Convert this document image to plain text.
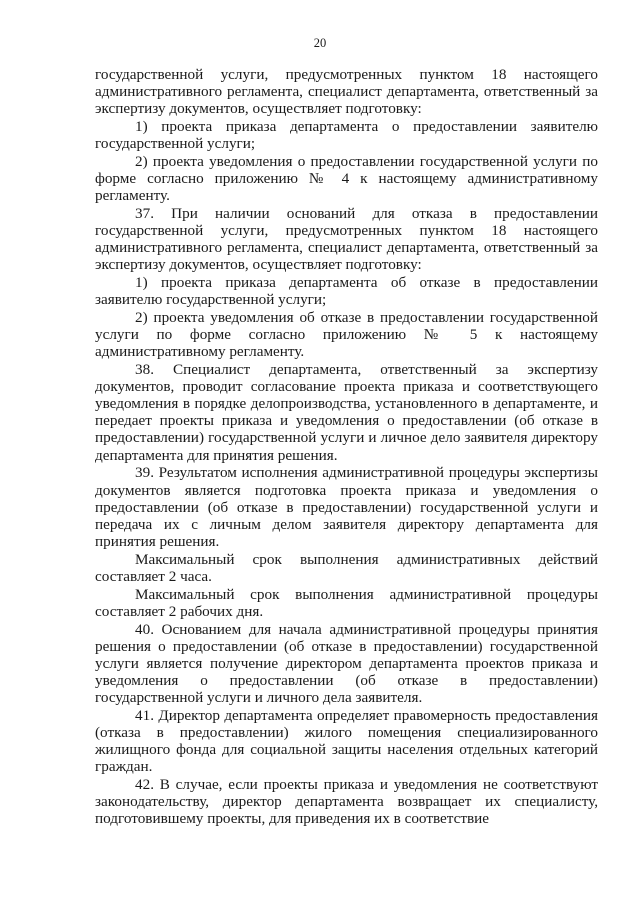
20

государственной услуги, предусмотренных пунктом 18 настоящего административного регламента, специалист департамента, ответственный за экспертизу документов, осуществляет подготовку:

1) проекта приказа департамента о предоставлении заявителю государственной услуги;

2) проекта уведомления о предоставлении государственной услуги по форме согласно приложению № 4 к настоящему административному регламенту.

37. При наличии оснований для отказа в предоставлении государственной услуги, предусмотренных пунктом 18 настоящего административного регламента, специалист департамента, ответственный за экспертизу документов, осуществляет подготовку:

1) проекта приказа департамента об отказе в предоставлении заявителю государственной услуги;

2) проекта уведомления об отказе в предоставлении государственной услуги по форме согласно приложению № 5 к настоящему административному регламенту.

38. Специалист департамента, ответственный за экспертизу документов, проводит согласование проекта приказа и соответствующего уведомления в порядке делопроизводства, установленного в департаменте, и передает проекты приказа и уведомления о предоставлении (об отказе в предоставлении) государственной услуги и личное дело заявителя директору департамента для принятия решения.

39. Результатом исполнения административной процедуры экспертизы документов является подготовка проекта приказа и уведомления о предоставлении (об отказе в предоставлении) государственной услуги и передача их с личным делом заявителя директору департамента для принятия решения.

Максимальный срок выполнения административных действий составляет 2 часа.

Максимальный срок выполнения административной процедуры составляет 2 рабочих дня.

40. Основанием для начала административной процедуры принятия решения о предоставлении (об отказе в предоставлении) государственной услуги является получение директором департамента проектов приказа и уведомления о предоставлении (об отказе в предоставлении) государственной услуги и личного дела заявителя.

41. Директор департамента определяет правомерность предоставления (отказа в предоставлении) жилого помещения специализированного жилищного фонда для социальной защиты населения отдельных категорий граждан.

42. В случае, если проекты приказа и уведомления не соответствуют законодательству, директор департамента возвращает их специалисту, подготовившему проекты, для приведения их в соответствие
